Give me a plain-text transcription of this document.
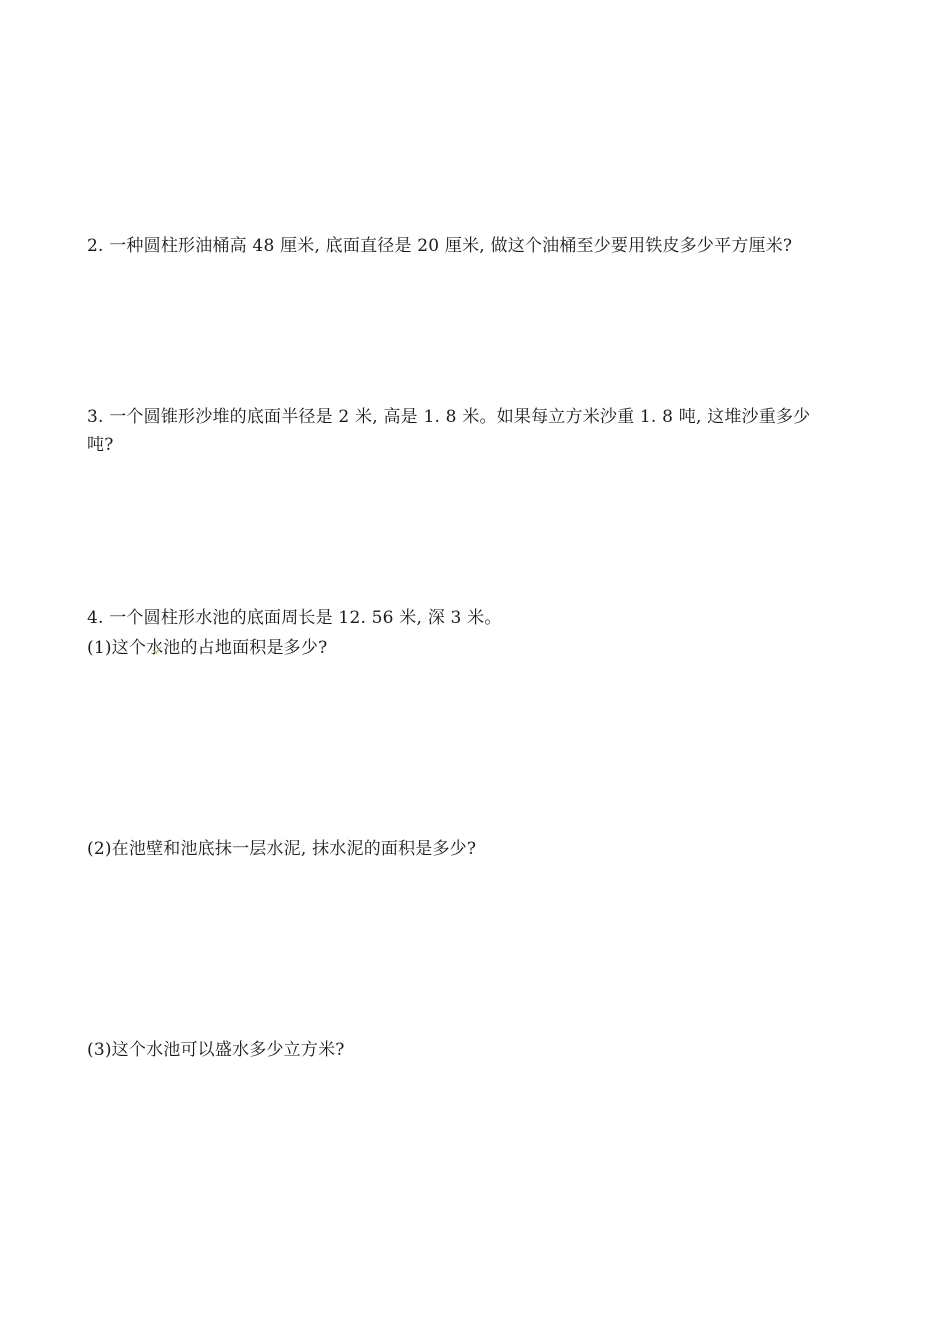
2. 一种圆柱形油桶高 48 厘米, 底面直径是 20 厘米, 做这个油桶至少要用铁皮多少平方厘米?
3. 一个圆锥形沙堆的底面半径是 2 米, 高是 1. 8 米。如果每立方米沙重 1. 8 吨, 这堆沙重多少
吨?
4. 一个圆柱形水池的底面周长是 12. 56 米, 深 3 米。
(1)这个水池的占地面积是多少?
(2)在池壁和池底抹一层水泥, 抹水泥的面积是多少?
(3)这个水池可以盛水多少立方米?
